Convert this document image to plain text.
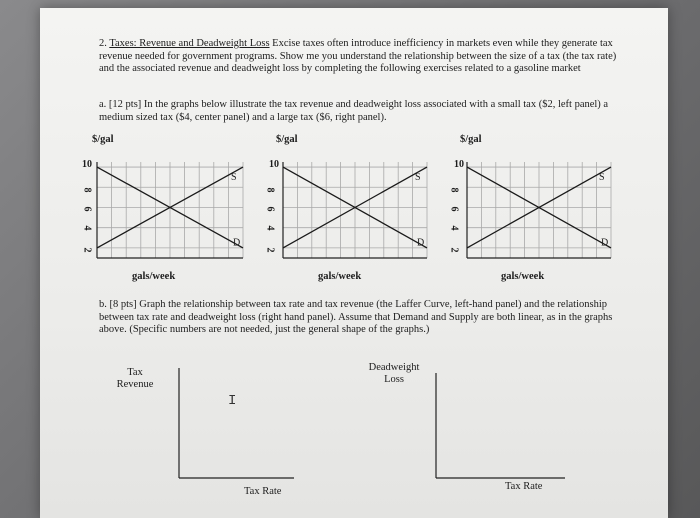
2. Taxes: Revenue and Deadweight Loss Excise taxes often introduce inefficiency in markets even while they generate tax revenue needed for government programs. Show me you understand the relationship between the size of a tax (the tax rate) and the associated revenue and deadweight loss by completing the following exercises related to a gasoline market
a. [12 pts] In the graphs below illustrate the tax revenue and deadweight loss associated with a small tax ($2, left panel) a medium sized tax ($4, center panel) and a large tax ($6, right panel).
$/gal
gals/week
10
8
6
4
2
S
D
$/gal
gals/week
10
8
6
4
2
S
D
$/gal
gals/week
10
8
6
4
2
S
D
b. [8 pts] Graph the relationship between tax rate and tax revenue (the Laffer Curve, left-hand panel) and the relationship between tax rate and deadweight loss (right hand panel). Assume that Demand and Supply are both linear, as in the graphs above. (Specific numbers are not needed, just the general shape of the graphs.)
Tax
Revenue
Tax Rate
I
Deadweight
Loss
Tax Rate
